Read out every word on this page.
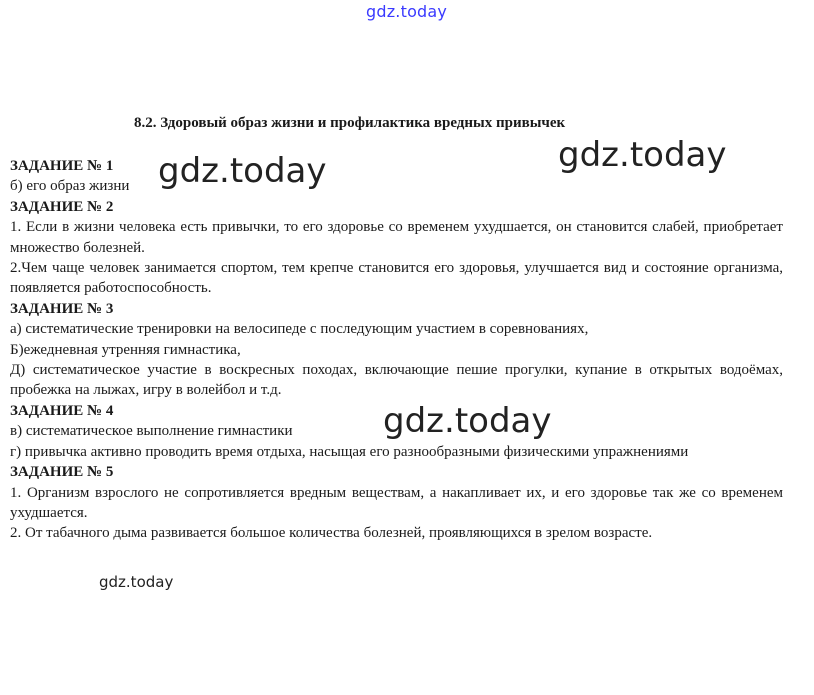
gdz.today
8.2. Здоровый образ жизни и профилактика вредных привычек

ЗАДАНИЕ № 1

б) его образ жизни

ЗАДАНИЕ № 2

1. Если в жизни человека есть привычки, то его здоровье со временем ухудшается, он становится слабей, приобретает множество болезней.

2.Чем чаще человек занимается спортом, тем крепче становится его здоровья, улучшается вид и состояние организма, появляется работоспособность.

ЗАДАНИЕ № 3

а) систематические тренировки на велосипеде с последующим участием в соревнованиях,

Б)ежедневная утренняя гимнастика,

Д) систематическое участие в воскресных походах, включающие пешие прогулки, купание в открытых водоёмах, пробежка на лыжах, игру в волейбол и т.д.

ЗАДАНИЕ № 4

в) систематическое выполнение гимнастики

г) привычка активно проводить время отдыха, насыщая его разнообразными физическими упражнениями

ЗАДАНИЕ № 5

1. Организм взрослого не сопротивляется вредным веществам, а накапливает их, и его здоровье так же со временем ухудшается.

2. От табачного дыма развивается большое количества болезней, проявляющихся в зрелом возрасте.

gdz.today	gdz.today
gdz.today
gdz.today
